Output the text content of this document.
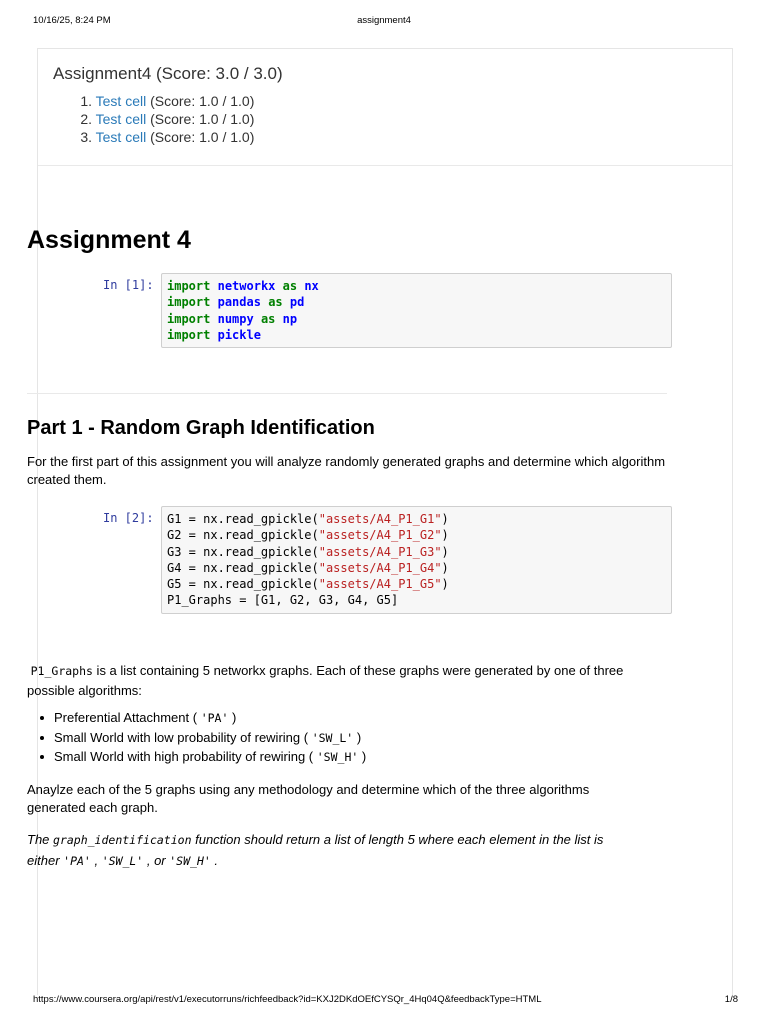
10/16/25, 8:24 PM	assignment4
Assignment4 (Score: 3.0 / 3.0)
1. Test cell (Score: 1.0 / 1.0)
2. Test cell (Score: 1.0 / 1.0)
3. Test cell (Score: 1.0 / 1.0)
Assignment 4
In [1]:	import networkx as nx
import pandas as pd
import numpy as np
import pickle
Part 1 - Random Graph Identification
For the first part of this assignment you will analyze randomly generated graphs and determine which algorithm created them.
In [2]:	G1 = nx.read_gpickle("assets/A4_P1_G1")
G2 = nx.read_gpickle("assets/A4_P1_G2")
G3 = nx.read_gpickle("assets/A4_P1_G3")
G4 = nx.read_gpickle("assets/A4_P1_G4")
G5 = nx.read_gpickle("assets/A4_P1_G5")
P1_Graphs = [G1, G2, G3, G4, G5]
P1_Graphs is a list containing 5 networkx graphs. Each of these graphs were generated by one of three
possible algorithms:
Preferential Attachment ( 'PA' )
Small World with low probability of rewiring ( 'SW_L' )
Small World with high probability of rewiring ( 'SW_H' )
Anaylze each of the 5 graphs using any methodology and determine which of the three algorithms
generated each graph.
The graph_identification function should return a list of length 5 where each element in the list is
either 'PA' , 'SW_L' , or 'SW_H' .
https://www.coursera.org/api/rest/v1/executorruns/richfeedback?id=KXJ2DKdOEfCYSQr_4Hq04Q&feedbackType=HTML	1/8
